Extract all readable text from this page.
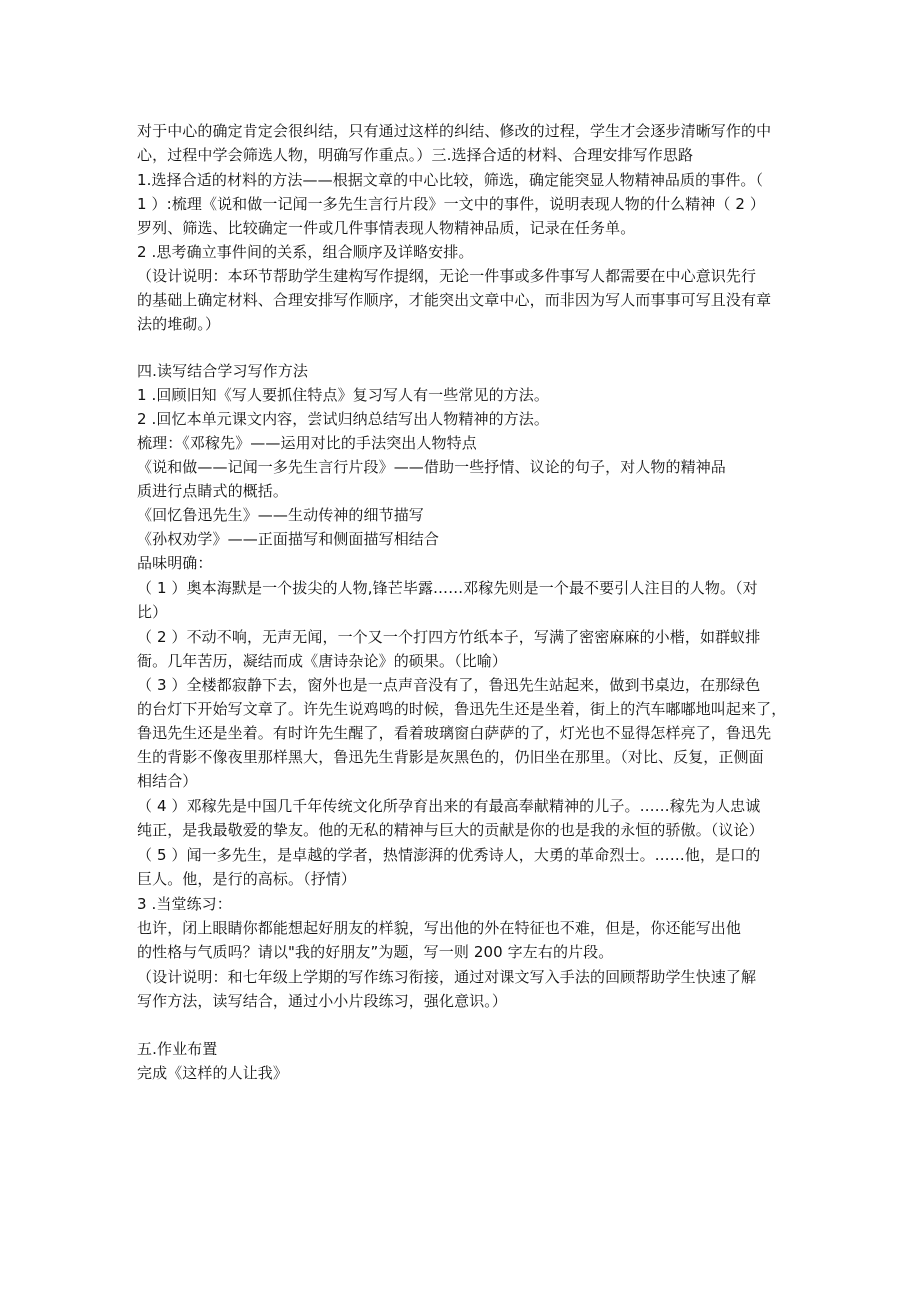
对于中心的确定肯定会很纠结，只有通过这样的纠结、修改的过程，学生才会逐步清晰写作的中
心，过程中学会筛选人物，明确写作重点。）三.选择合适的材料、合理安排写作思路
1.选择合适的材料的方法——根据文章的中心比较，筛选，确定能突显人物精神品质的事件。（
1 ）:梳理《说和做一记闻一多先生言行片段》一文中的事件，说明表现人物的什么精神（ 2 ）
罗列、筛选、比较确定一件或几件事情表现人物精神品质，记录在任务单。
2 .思考确立事件间的关系，组合顺序及详略安排。
（设计说明：本环节帮助学生建构写作提纲，无论一件事或多件事写人都需要在中心意识先行
的基础上确定材料、合理安排写作顺序，才能突出文章中心，而非因为写人而事事可写且没有章
法的堆砌。）
四.读写结合学习写作方法
1 .回顾旧知《写人要抓住特点》复习写人有一些常见的方法。
2 .回忆本单元课文内容，尝试归纳总结写出人物精神的方法。
梳理：《邓稼先》——运用对比的手法突出人物特点
《说和做——记闻一多先生言行片段》——借助一些抒情、议论的句子，对人物的精神品
质进行点睛式的概括。
《回忆鲁迅先生》——生动传神的细节描写
《孙权劝学》——正面描写和侧面描写相结合
品味明确：
（ 1 ）奥本海默是一个拔尖的人物,锋芒毕露……邓稼先则是一个最不要引人注目的人物。（对
比）
（ 2 ）不动不响，无声无闻，一个又一个打四方竹纸本子，写满了密密麻麻的小楷，如群蚁排
衙。几年苦历，凝结而成《唐诗杂论》的硕果。（比喻）
（ 3 ）全楼都寂静下去，窗外也是一点声音没有了，鲁迅先生站起来，做到书桌边，在那绿色
的台灯下开始写文章了。许先生说鸡鸣的时候，鲁迅先生还是坐着，街上的汽车嘟嘟地叫起来了，
鲁迅先生还是坐着。有时许先生醒了，看着玻璃窗白萨萨的了，灯光也不显得怎样亮了，鲁迅先
生的背影不像夜里那样黑大，鲁迅先生背影是灰黑色的，仍旧坐在那里。（对比、反复，正侧面
相结合）
（ 4 ）邓稼先是中国几千年传统文化所孕育出来的有最高奉献精神的儿子。……稼先为人忠诚
纯正，是我最敬爱的挚友。他的无私的精神与巨大的贡献是你的也是我的永恒的骄傲。（议论）
（ 5 ）闻一多先生，是卓越的学者，热情澎湃的优秀诗人，大勇的革命烈士。……他，是口的
巨人。他，是行的高标。（抒情）
3 .当堂练习：
也许，闭上眼睛你都能想起好朋友的样貌，写出他的外在特征也不难，但是，你还能写出他
的性格与气质吗？请以"我的好朋友”为题，写一则 200 字左右的片段。
（设计说明：和七年级上学期的写作练习衔接，通过对课文写入手法的回顾帮助学生快速了解
写作方法，读写结合，通过小小片段练习，强化意识。）
五.作业布置
完成《这样的人让我》
